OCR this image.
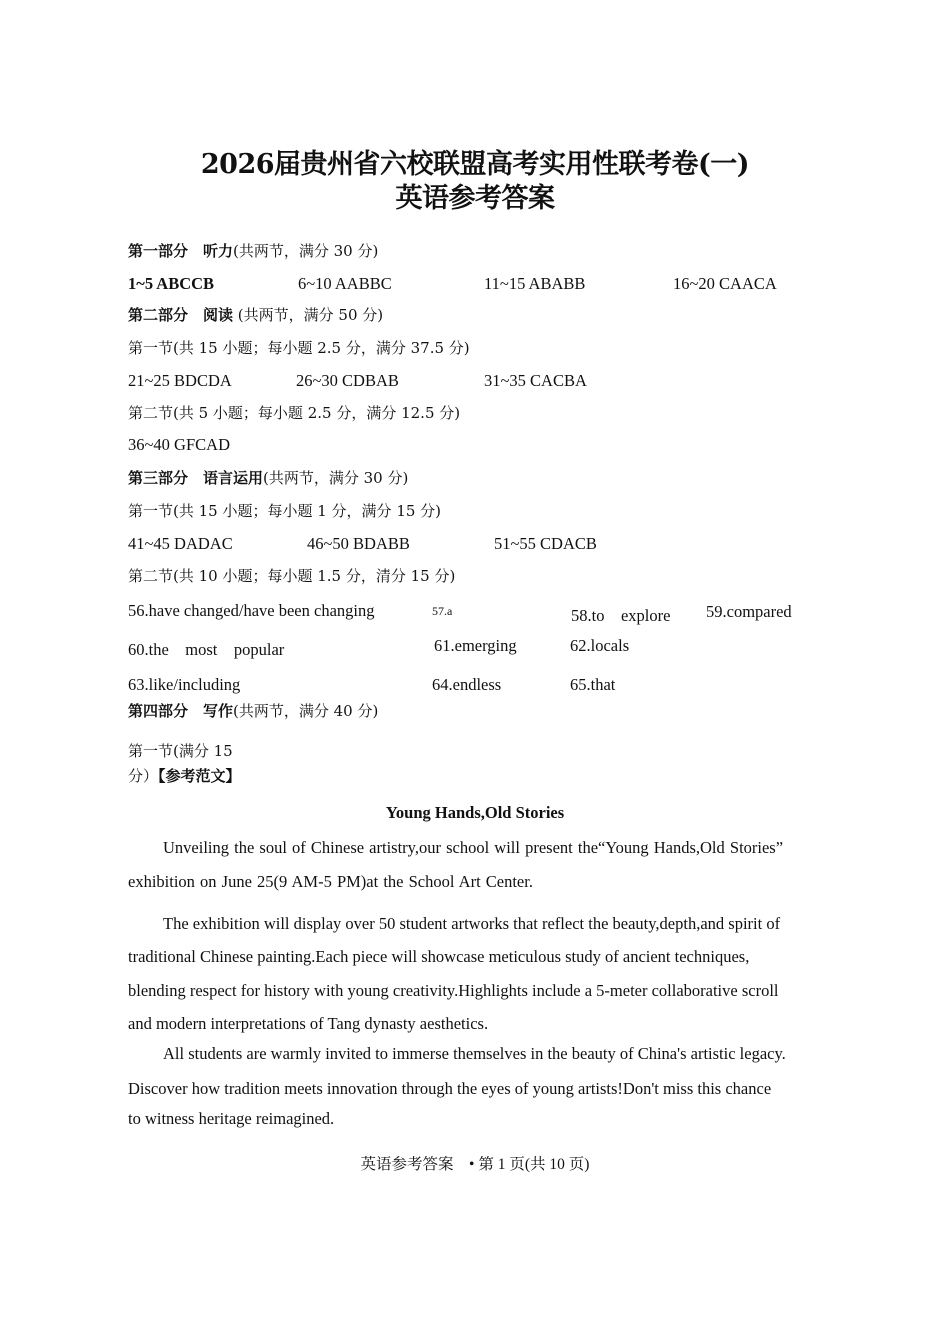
2026届贵州省六校联盟高考实用性联考卷(一)
英语参考答案
第一部分　听力(共两节，满分 30 分)
1~5 ABCCB	6~10 AABBC	11~15 ABABB	16~20 CAACA
第二部分　阅读 (共两节，满分 50 分)
第一节(共 15 小题；每小题 2.5 分，满分 37.5 分)
21~25 BDCDA	26~30 CDBAB	31~35 CACBA
第二节(共 5 小题；每小题 2.5 分，满分 12.5 分)
36~40 GFCAD
第三部分　语言运用(共两节，满分 30 分)
第一节(共 15 小题；每小题 1 分，满分 15 分)
41~45 DADAC	46~50 BDABB	51~55 CDACB
第二节(共 10 小题；每小题 1.5 分，清分 15 分)
56.have changed/have been changing	57.a	58.to　explore 59.compared
60.the　most　popular	61.emerging	62.locals
63.like/including	64.endless	65.that
第四部分　写作(共两节，满分 40 分)
第一节(满分 15
分）【参考范文】
Young Hands,Old Stories
Unveiling the soul of Chinese artistry,our school will present the“Young Hands,Old Stories”
exhibition on June 25(9 AM-5 PM)at the School Art Center.
The exhibition will display over 50 student artworks that reflect the beauty,depth,and spirit of
traditional Chinese painting.Each piece will showcase meticulous study of ancient techniques,
blending respect for history with young creativity.Highlights include a 5-meter collaborative scroll
and modern interpretations of Tang dynasty aesthetics.
All students are warmly invited to immerse themselves in the beauty of China's artistic legacy.
Discover how tradition meets innovation through the eyes of young artists!Don't miss this chance
to witness heritage reimagined.
英语参考答案　• 第 1 页(共 10 页)
